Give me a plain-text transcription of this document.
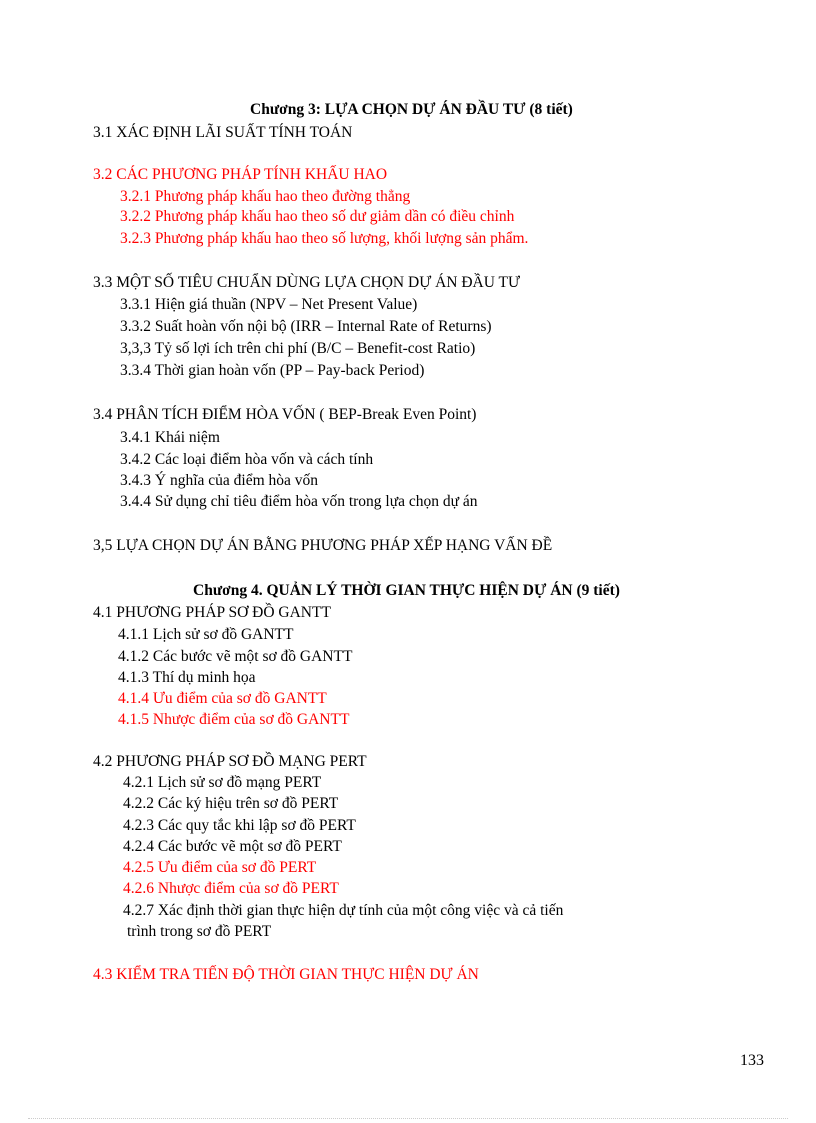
Chương 3: LỰA CHỌN DỰ ÁN ĐẦU TƯ (8 tiết)
3.1 XÁC ĐỊNH LÃI SUẤT TÍNH TOÁN
3.2 CÁC PHƯƠNG PHÁP TÍNH KHẤU HAO
3.2.1 Phương pháp khấu hao theo đường thẳng
3.2.2 Phương pháp khấu hao theo số dư giảm dần có điều chỉnh
3.2.3 Phương pháp khấu hao theo số lượng, khối lượng sản phẩm.
3.3 MỘT SỐ TIÊU CHUẨN DÙNG LỰA CHỌN DỰ ÁN ĐẦU TƯ
3.3.1 Hiện giá thuần (NPV – Net Present Value)
3.3.2 Suất hoàn vốn nội bộ (IRR – Internal Rate of Returns)
3,3,3 Tỷ số lợi ích trên chi phí (B/C – Benefit-cost Ratio)
3.3.4 Thời gian hoàn vốn (PP – Pay-back Period)
3.4 PHÂN TÍCH ĐIỂM HÒA VỐN ( BEP-Break Even Point)
3.4.1 Khái niệm
3.4.2 Các loại điểm hòa vốn và cách tính
3.4.3 Ý nghĩa của điểm hòa vốn
3.4.4 Sử dụng chỉ tiêu điểm hòa vốn trong lựa chọn dự án
3,5 LỰA CHỌN DỰ ÁN BẰNG PHƯƠNG PHÁP XẾP HẠNG VẤN ĐỀ
Chương 4. QUẢN LÝ THỜI GIAN THỰC HIỆN DỰ ÁN (9 tiết)
4.1 PHƯƠNG PHÁP SƠ ĐỒ GANTT
4.1.1 Lịch sử sơ đồ GANTT
4.1.2 Các bước vẽ một sơ đồ GANTT
4.1.3 Thí dụ minh họa
4.1.4 Ưu điểm của sơ đồ GANTT
4.1.5 Nhược điểm của sơ đồ GANTT
4.2 PHƯƠNG PHÁP SƠ ĐỒ MẠNG PERT
4.2.1 Lịch sử sơ đồ mạng PERT
4.2.2 Các ký hiệu trên sơ đồ PERT
4.2.3 Các quy tắc khi lập sơ đồ PERT
4.2.4 Các bước vẽ một sơ đồ PERT
4.2.5 Ưu điểm của sơ đồ PERT
4.2.6 Nhược điểm của sơ đồ PERT
4.2.7 Xác định thời gian thực hiện dự tính của một công việc và cả tiến
trình trong sơ đồ PERT
4.3 KIỂM TRA TIẾN ĐỘ THỜI GIAN THỰC HIỆN DỰ ÁN
133
